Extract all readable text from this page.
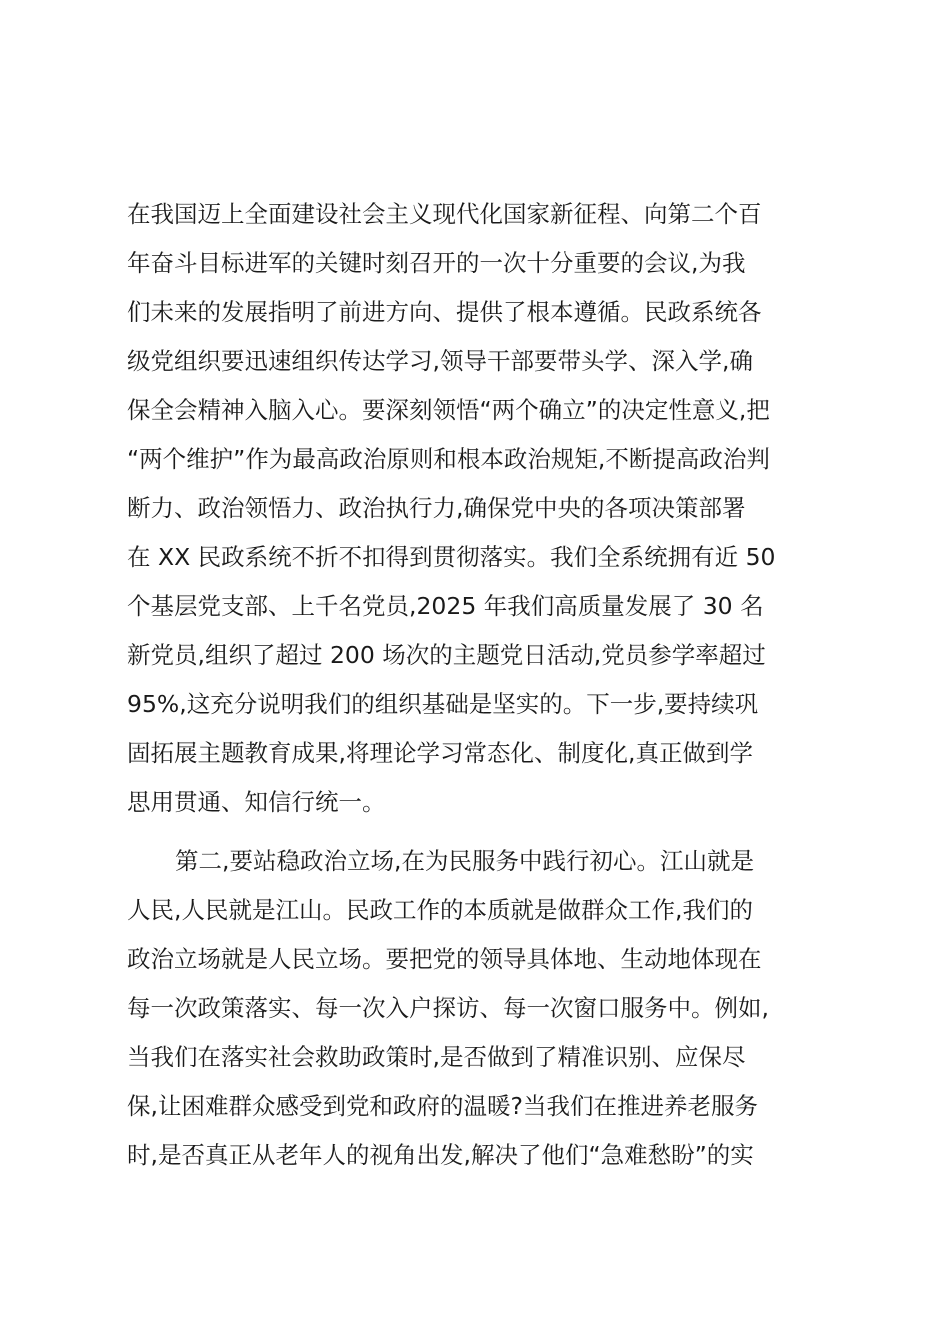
在我国迈上全面建设社会主义现代化国家新征程、向第二个百
年奋斗目标进军的关键时刻召开的一次十分重要的会议,为我
们未来的发展指明了前进方向、提供了根本遵循。民政系统各
级党组织要迅速组织传达学习,领导干部要带头学、深入学,确
保全会精神入脑入心。要深刻领悟“两个确立”的决定性意义,把
“两个维护”作为最高政治原则和根本政治规矩,不断提高政治判
断力、政治领悟力、政治执行力,确保党中央的各项决策部署
在 XX 民政系统不折不扣得到贯彻落实。我们全系统拥有近 50
个基层党支部、上千名党员,2025 年我们高质量发展了 30 名
新党员,组织了超过 200 场次的主题党日活动,党员参学率超过
95%,这充分说明我们的组织基础是坚实的。下一步,要持续巩
固拓展主题教育成果,将理论学习常态化、制度化,真正做到学
思用贯通、知信行统一。
第二,要站稳政治立场,在为民服务中践行初心。江山就是
人民,人民就是江山。民政工作的本质就是做群众工作,我们的
政治立场就是人民立场。要把党的领导具体地、生动地体现在
每一次政策落实、每一次入户探访、每一次窗口服务中。例如,
当我们在落实社会救助政策时,是否做到了精准识别、应保尽
保,让困难群众感受到党和政府的温暖?当我们在推进养老服务
时,是否真正从老年人的视角出发,解决了他们“急难愁盼”的实
